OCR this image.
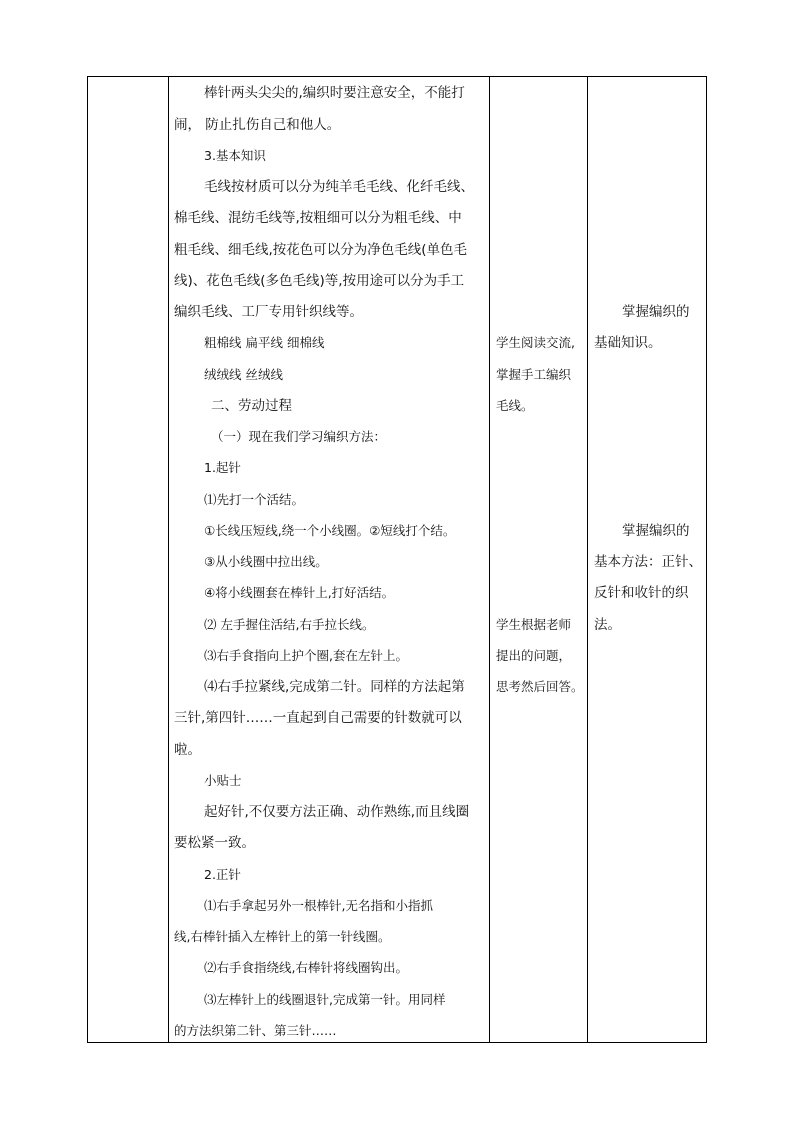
棒针两头尖尖的,编织时要注意安全，不能打
闹， 防止扎伤自己和他人。
3.基本知识
毛线按材质可以分为纯羊毛毛线、化纤毛线、
棉毛线、混纺毛线等,按粗细可以分为粗毛线、中
粗毛线、细毛线,按花色可以分为净色毛线(单色毛
线)、花色毛线(多色毛线)等,按用途可以分为手工
编织毛线、工厂专用针织线等。
粗棉线 扁平线 细棉线
绒绒线 丝绒线
二、劳动过程
（一）现在我们学习编织方法：
1.起针
⑴先打一个活结。
①长线压短线,绕一个小线圈。②短线打个结。
③从小线圈中拉出线。
④将小线圈套在棒针上,打好活结。
⑵ 左手握住活结,右手拉长线。
⑶右手食指向上护个圈,套在左针上。
⑷右手拉紧线,完成第二针。同样的方法起第
三针,第四针……一直起到自己需要的针数就可以
啦。
小贴士
起好针,不仅要方法正确、动作熟练,而且线圈
要松紧一致。
2.正针
⑴右手拿起另外一根棒针,无名指和小指抓
线,右棒针插入左棒针上的第一针线圈。
⑵右手食指绕线,右棒针将线圈钩出。
⑶左棒针上的线圈退针,完成第一针。用同样
的方法织第二针、第三针……
学生阅读交流,
掌握手工编织
毛线。
学生根据老师
提出的问题，
思考然后回答。
掌握编织的
基础知识。
掌握编织的
基本方法：正针、
反针和收针的织
法。
